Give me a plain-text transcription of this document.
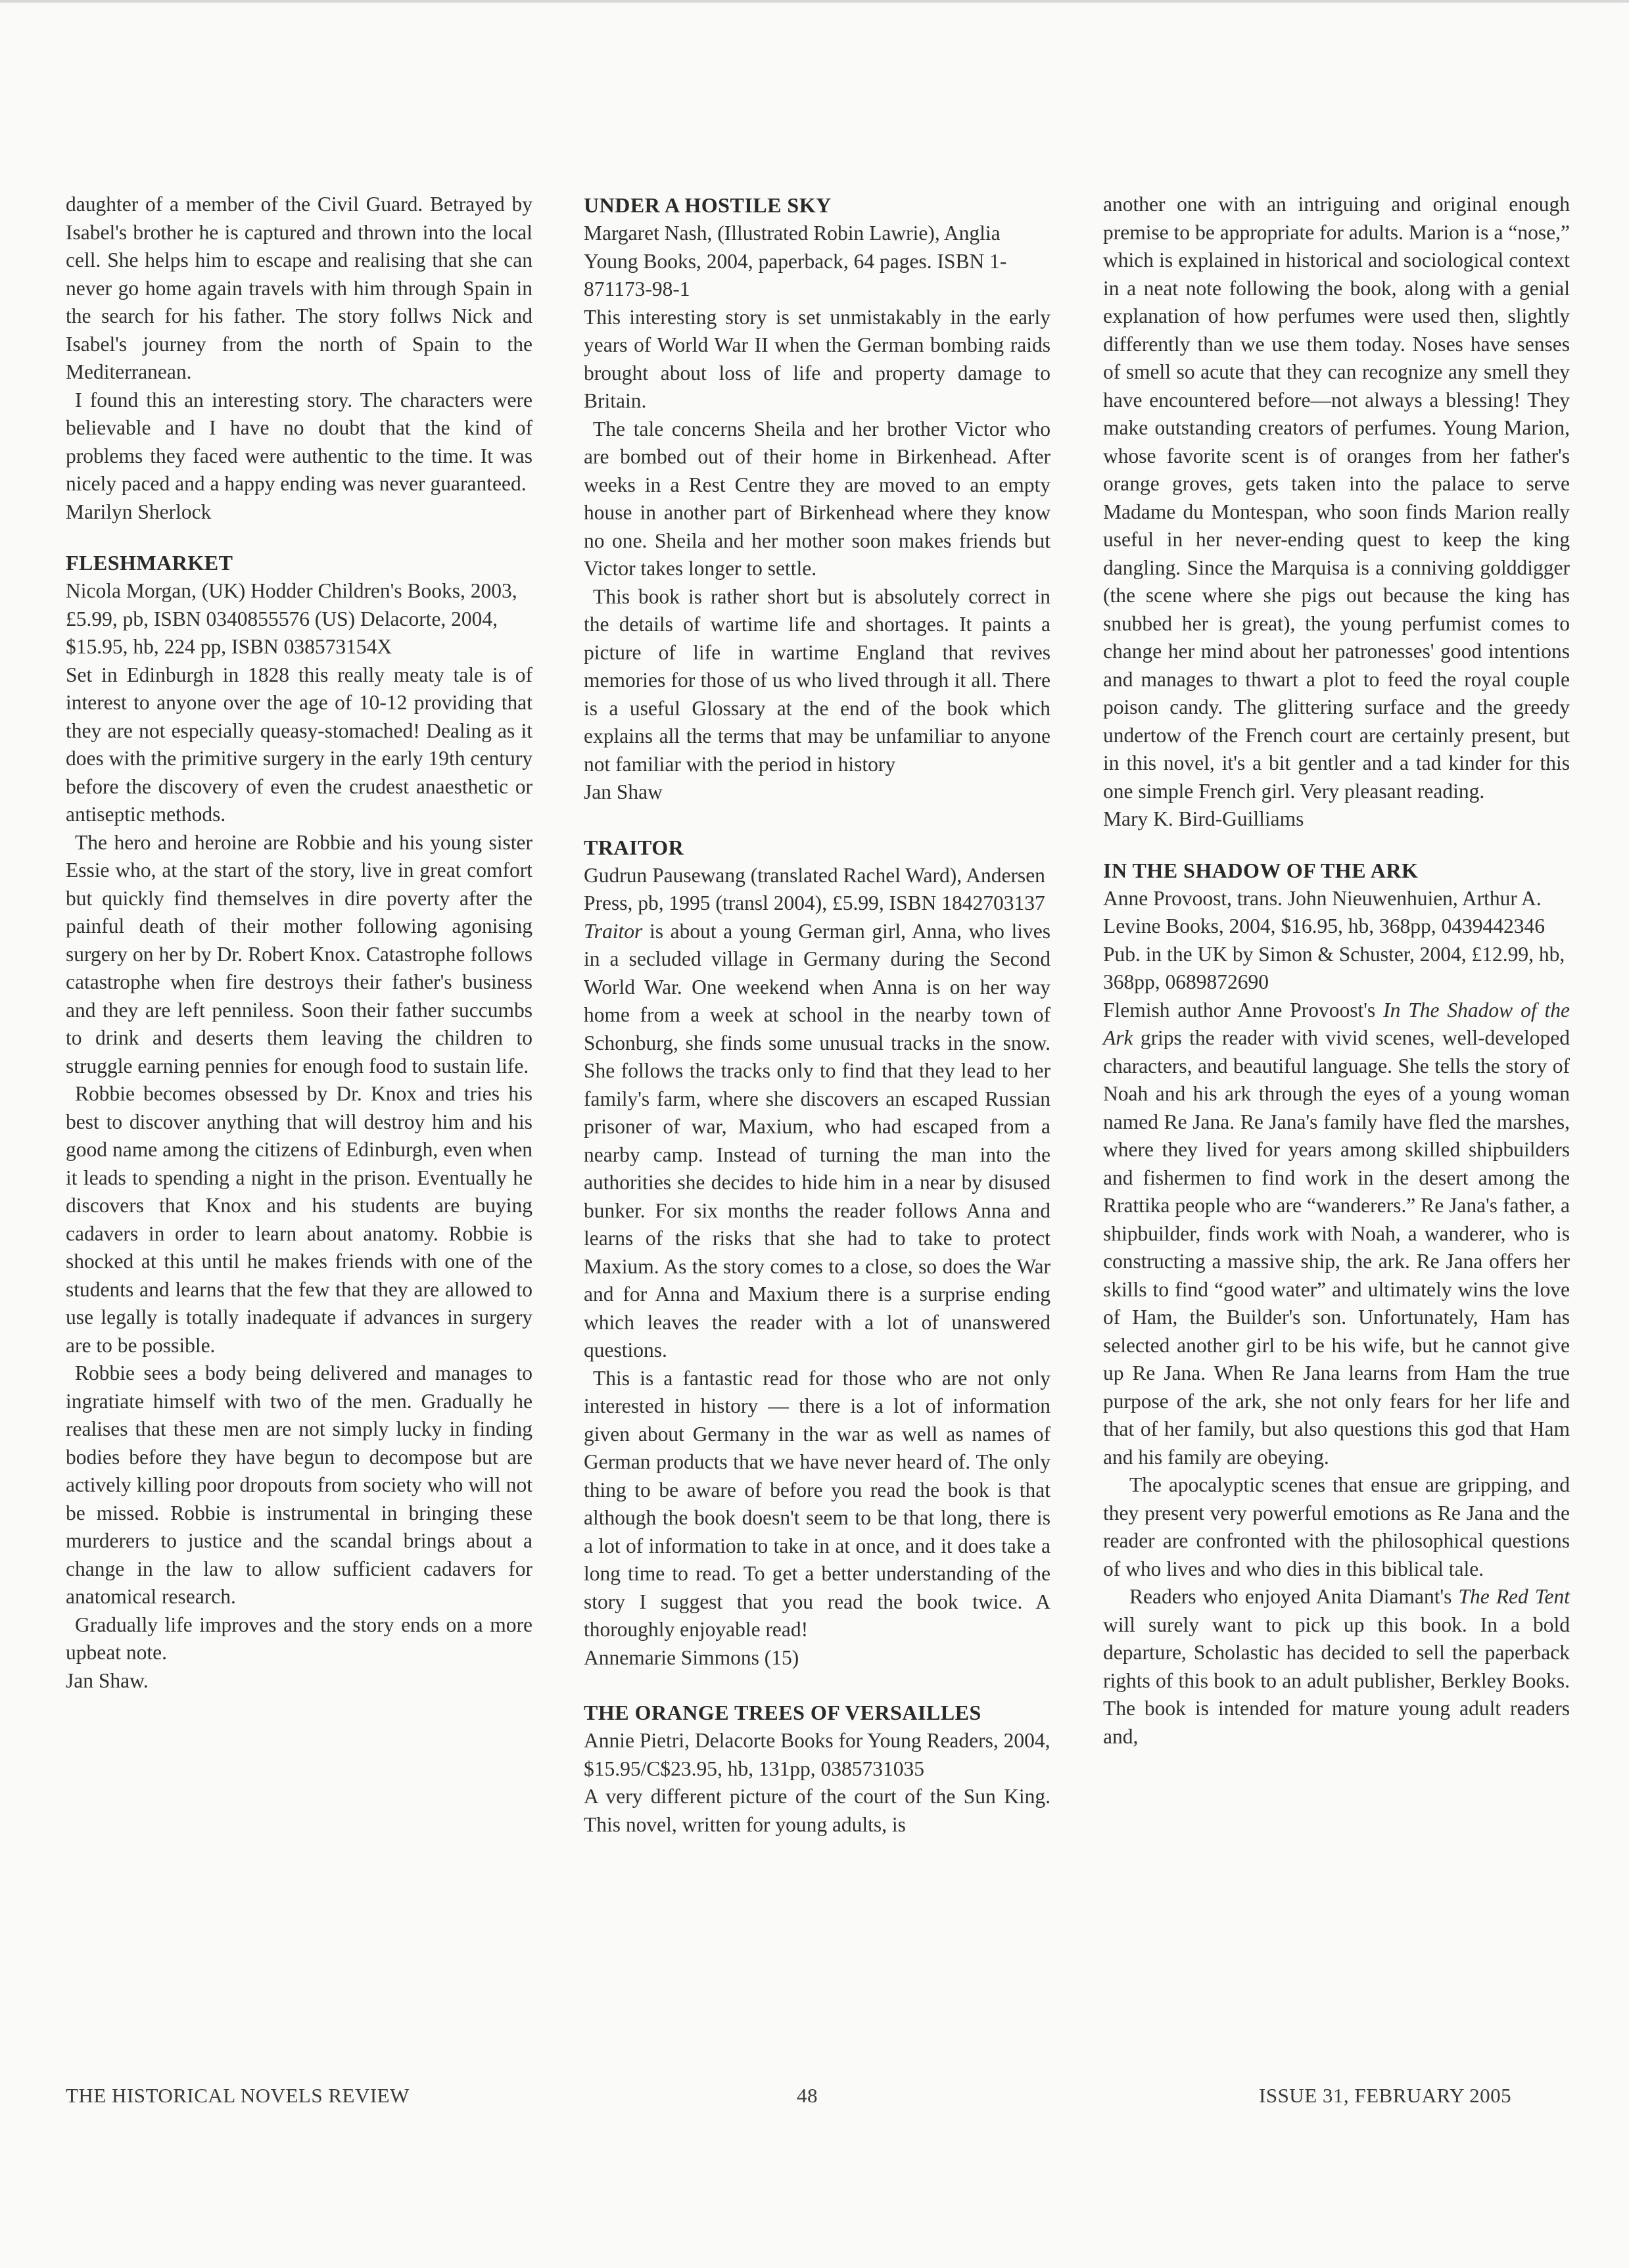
daughter of a member of the Civil Guard. Betrayed by Isabel's brother he is captured and thrown into the local cell. She helps him to escape and realising that she can never go home again travels with him through Spain in the search for his father. The story follws Nick and Isabel's journey from the north of Spain to the Mediterranean.

I found this an interesting story. The characters were believable and I have no doubt that the kind of problems they faced were authentic to the time. It was nicely paced and a happy ending was never guaranteed.

Marilyn Sherlock

FLESHMARKET

Nicola Morgan, (UK) Hodder Children's Books, 2003, £5.99, pb, ISBN 0340855576 (US) Delacorte, 2004, $15.95, hb, 224 pp, ISBN 038573154X

Set in Edinburgh in 1828 this really meaty tale is of interest to anyone over the age of 10-12 providing that they are not especially queasy-stomached! Dealing as it does with the primitive surgery in the early 19th century before the discovery of even the crudest anaesthetic or antiseptic methods.

The hero and heroine are Robbie and his young sister Essie who, at the start of the story, live in great comfort but quickly find themselves in dire poverty after the painful death of their mother following agonising surgery on her by Dr. Robert Knox. Catastrophe follows catastrophe when fire destroys their father's business and they are left penniless. Soon their father succumbs to drink and deserts them leaving the children to struggle earning pennies for enough food to sustain life.

Robbie becomes obsessed by Dr. Knox and tries his best to discover anything that will destroy him and his good name among the citizens of Edinburgh, even when it leads to spending a night in the prison. Eventually he discovers that Knox and his students are buying cadavers in order to learn about anatomy. Robbie is shocked at this until he makes friends with one of the students and learns that the few that they are allowed to use legally is totally inadequate if advances in surgery are to be possible.

Robbie sees a body being delivered and manages to ingratiate himself with two of the men. Gradually he realises that these men are not simply lucky in finding bodies before they have begun to decompose but are actively killing poor dropouts from society who will not be missed. Robbie is instrumental in bringing these murderers to justice and the scandal brings about a change in the law to allow sufficient cadavers for anatomical research.

Gradually life improves and the story ends on a more upbeat note.

Jan Shaw.

UNDER A HOSTILE SKY

Margaret Nash, (Illustrated Robin Lawrie), Anglia Young Books, 2004, paperback, 64 pages. ISBN 1-871173-98-1

This interesting story is set unmistakably in the early years of World War II when the German bombing raids brought about loss of life and property damage to Britain.

The tale concerns Sheila and her brother Victor who are bombed out of their home in Birkenhead. After weeks in a Rest Centre they are moved to an empty house in another part of Birkenhead where they know no one. Sheila and her mother soon makes friends but Victor takes longer to settle.

This book is rather short but is absolutely correct in the details of wartime life and shortages. It paints a picture of life in wartime England that revives memories for those of us who lived through it all. There is a useful Glossary at the end of the book which explains all the terms that may be unfamiliar to anyone not familiar with the period in history

Jan Shaw

TRAITOR

Gudrun Pausewang (translated Rachel Ward), Andersen Press, pb, 1995 (transl 2004), £5.99, ISBN 1842703137

Traitor is about a young German girl, Anna, who lives in a secluded village in Germany during the Second World War. One weekend when Anna is on her way home from a week at school in the nearby town of Schonburg, she finds some unusual tracks in the snow. She follows the tracks only to find that they lead to her family's farm, where she discovers an escaped Russian prisoner of war, Maxium, who had escaped from a nearby camp. Instead of turning the man into the authorities she decides to hide him in a near by disused bunker. For six months the reader follows Anna and learns of the risks that she had to take to protect Maxium. As the story comes to a close, so does the War and for Anna and Maxium there is a surprise ending which leaves the reader with a lot of unanswered questions.

This is a fantastic read for those who are not only interested in history — there is a lot of information given about Germany in the war as well as names of German products that we have never heard of. The only thing to be aware of before you read the book is that although the book doesn't seem to be that long, there is a lot of information to take in at once, and it does take a long time to read. To get a better understanding of the story I suggest that you read the book twice. A thoroughly enjoyable read!

Annemarie Simmons (15)

THE ORANGE TREES OF VERSAILLES

Annie Pietri, Delacorte Books for Young Readers, 2004, $15.95/C$23.95, hb, 131pp, 0385731035

A very different picture of the court of the Sun King. This novel, written for young adults, is

another one with an intriguing and original enough premise to be appropriate for adults. Marion is a “nose,” which is explained in historical and sociological context in a neat note following the book, along with a genial explanation of how perfumes were used then, slightly differently than we use them today. Noses have senses of smell so acute that they can recognize any smell they have encountered before—not always a blessing! They make outstanding creators of perfumes. Young Marion, whose favorite scent is of oranges from her father's orange groves, gets taken into the palace to serve Madame du Montespan, who soon finds Marion really useful in her never-ending quest to keep the king dangling. Since the Marquisa is a conniving golddigger (the scene where she pigs out because the king has snubbed her is great), the young perfumist comes to change her mind about her patronesses' good intentions and manages to thwart a plot to feed the royal couple poison candy. The glittering surface and the greedy undertow of the French court are certainly present, but in this novel, it's a bit gentler and a tad kinder for this one simple French girl. Very pleasant reading.

Mary K. Bird-Guilliams

IN THE SHADOW OF THE ARK

Anne Provoost, trans. John Nieuwenhuien, Arthur A. Levine Books, 2004, $16.95, hb, 368pp, 0439442346

Pub. in the UK by Simon & Schuster, 2004, £12.99, hb, 368pp, 0689872690

Flemish author Anne Provoost's In The Shadow of the Ark grips the reader with vivid scenes, well-developed characters, and beautiful language. She tells the story of Noah and his ark through the eyes of a young woman named Re Jana. Re Jana's family have fled the marshes, where they lived for years among skilled shipbuilders and fishermen to find work in the desert among the Rrattika people who are “wanderers.” Re Jana's father, a shipbuilder, finds work with Noah, a wanderer, who is constructing a massive ship, the ark. Re Jana offers her skills to find “good water” and ultimately wins the love of Ham, the Builder's son. Unfortunately, Ham has selected another girl to be his wife, but he cannot give up Re Jana. When Re Jana learns from Ham the true purpose of the ark, she not only fears for her life and that of her family, but also questions this god that Ham and his family are obeying.

The apocalyptic scenes that ensue are gripping, and they present very powerful emotions as Re Jana and the reader are confronted with the philosophical questions of who lives and who dies in this biblical tale.

Readers who enjoyed Anita Diamant's The Red Tent will surely want to pick up this book. In a bold departure, Scholastic has decided to sell the paperback rights of this book to an adult publisher, Berkley Books. The book is intended for mature young adult readers and,

THE HISTORICAL NOVELS REVIEW	48	ISSUE 31, FEBRUARY 2005
